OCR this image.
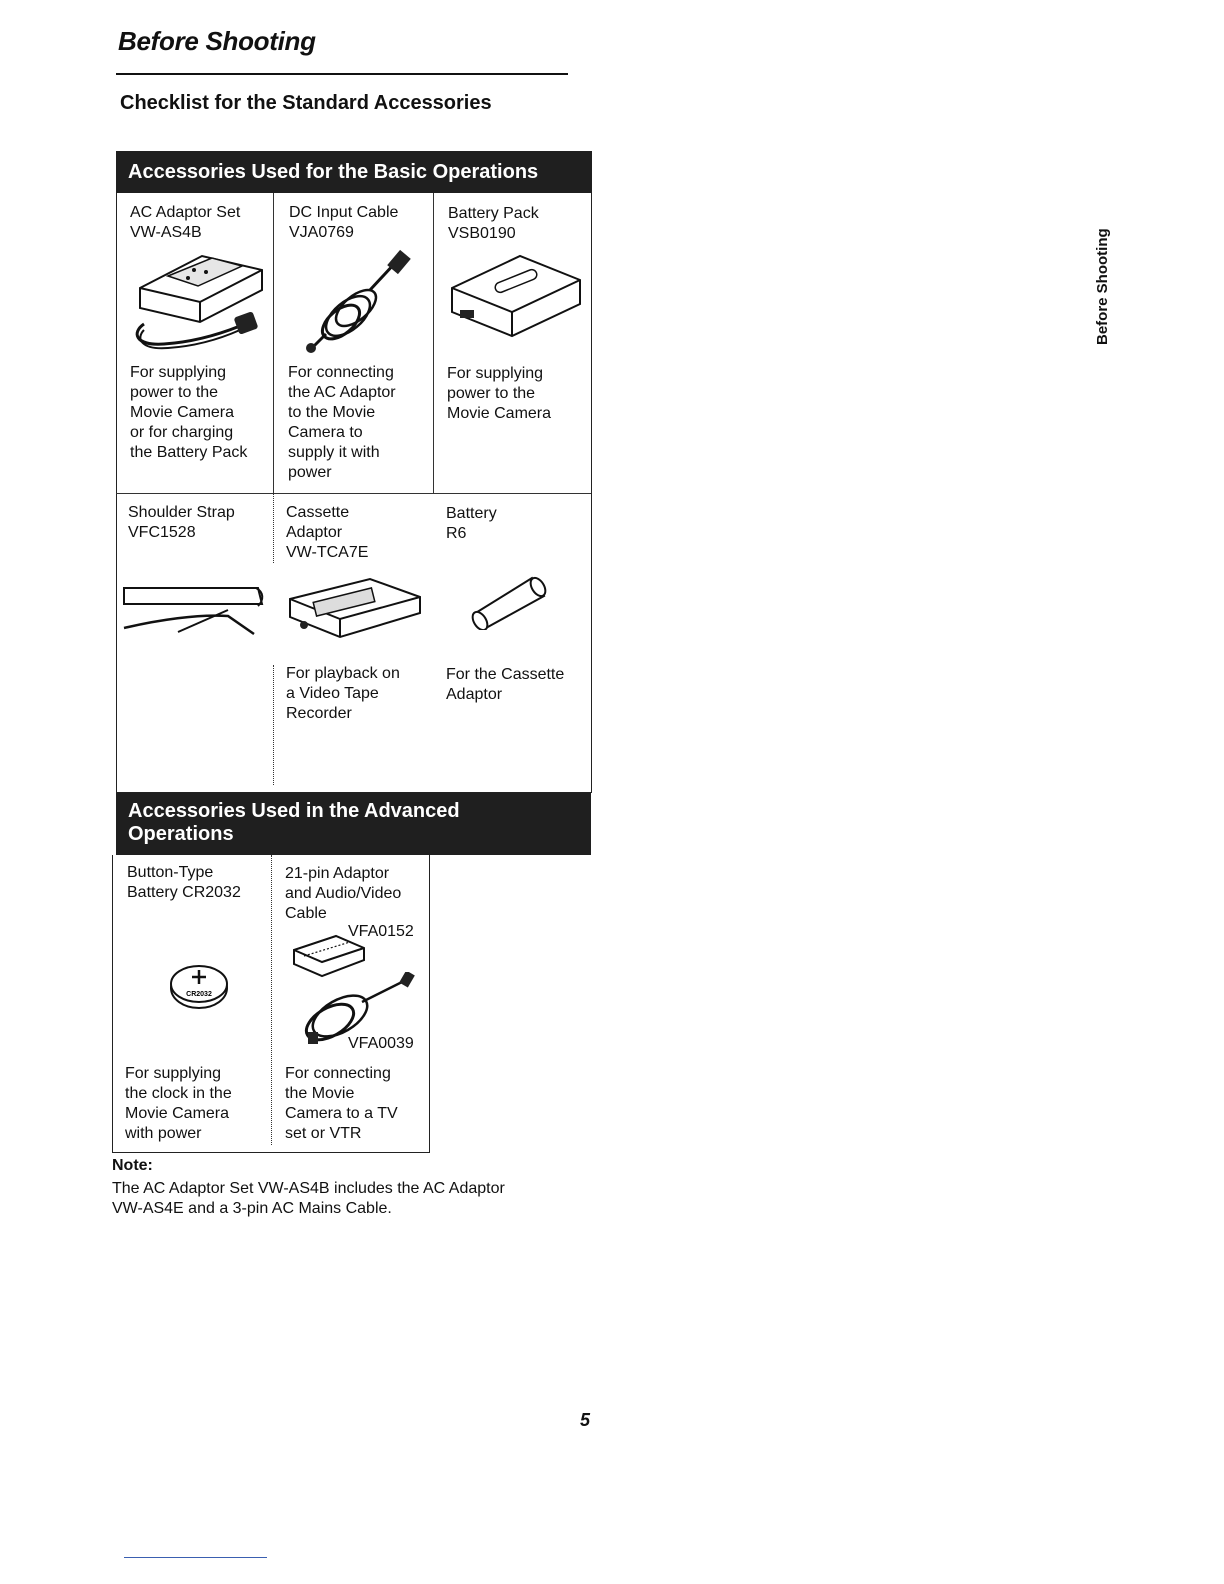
Before Shooting
Checklist for the Standard Accessories
Before Shooting
Accessories Used for the Basic Operations
AC Adaptor Set
VW-AS4B
For supplying
power to the
Movie Camera
or for charging
the Battery Pack
DC Input Cable
VJA0769
For connecting
the AC Adaptor
to the Movie
Camera to
supply it with
power
Battery Pack
VSB0190
For supplying
power to the
Movie Camera
Shoulder Strap
VFC1528
Cassette
Adaptor
VW-TCA7E
For playback on
a Video Tape
Recorder
Battery
R6
For the Cassette
Adaptor
Accessories Used in the Advanced
Operations
Button-Type
Battery CR2032
CR2032
For supplying
the clock in the
Movie Camera
with power
21-pin Adaptor
and Audio/Video
Cable
VFA0152
VFA0039
For connecting
the Movie
Camera to a TV
set or VTR
Note:
The AC Adaptor Set VW-AS4B includes the AC Adaptor
VW-AS4E and a 3-pin AC Mains Cable.
5
